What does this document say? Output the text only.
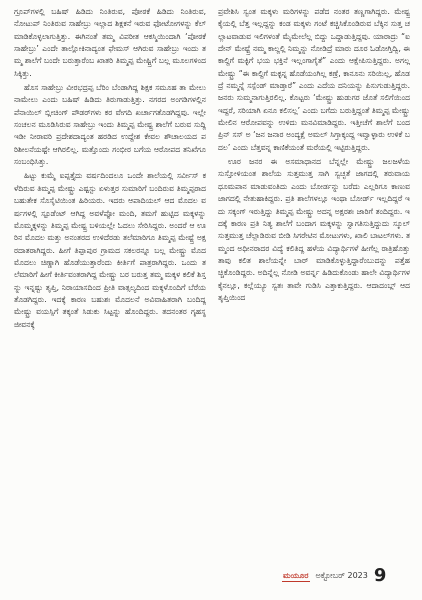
ಗ್ರೂಪ್‌ಗಳಲ್ಲಿ ಬಹಿಷ್ ಹಿಡಿದು ನಿಂತಿರುವ, ಪೋಠಕೆ ಹಿಡಿದು ನಿಂತಿರುವ, ನೋಟುಪ್ ನಿಂತಿರುವ ಸಾಹೇಬ್ರು ಇಲ್ಲಾದ ಶಿಕ್ಷಕನೆ ಇರುವ ಫೋಟೋಗಳನ್ನು ಕೆಲ್ ಮಾಡಿಕೊಳ್ಳಲಾಗುತ್ತಿತ್ತು. ಈಗಿನಂತೆ ತಮ್ಮ ವಿಪರೀತ ಆಕಸ್ಮಿಯಿಂದಾಗಿ ‘ಪೋಠಕೆ ಸಾಹೇಬ್ರು’ ಎಂದೇ ತಾಲ್ಲೋಕಿನಾದ್ಯಂತ ಫೇಮಸ್ ಆಗಿರುವ ಸಾಹೇಬ್ರು ಇಂದು ತಮ್ಮ ಶಾಲೆಗೆ ಬಂದೇ ಬರುತ್ತಾರೆಂಬ ಖಾತರಿ ತಿಮ್ಮಪ್ಪ ಮೇಷ್ಟ್ರಿಗೆ ಬಲ್ಲ ಮೂಲಗಳಿಂದ ಸಿಕ್ಕಿತ್ತು.

ಹೊಸ ಸಾಹೇಬ್ರು ವೀರಭದ್ರಪ್ಪ ಬೆರಿಂ ಬೆಂಡಾಗಿದ್ದ ಶಿಕ್ಷಕ ಸಮೂಹ ತಾ ಮೇಲು ನಾಮೇಲು ಎಂದು ಬಹಿಷ್ ಹಿಡಿದು ತಿರುಗಾಡುತ್ತಿತ್ತು. ನಗರದ ಅಂಗಡಿಗಳಲ್ಲಿನ ಪೆನಾಯಿಲ್ ಬ್ಲೀಚಿಂಗ್ ಪೌಡರ್‌ಗಳು ಕರ ವೇಗದಿ ಖರ್ಚಾಗತೊಡಗಿದ್ದವು. ಇಲ್ಲೇ ಸಂಚಲನ ಮೂಡಿಸಿರುವ ಸಾಹೇಬ್ರು ಇಂದು ತಿಮ್ಮಪ್ಪ ಮೇಷ್ಟ್ರ ಶಾಲೆಗೆ ಬರುವ ಸುದ್ದಿ ಇಡೀ ನೀರಾವರಿ ಪ್ರದೇಶದಾದ್ಯಂತ ಹರಡಿದ ಉದ್ದೇಶ ಕೇವಲ ಶೌಚಾಲಯದ ಪರಿಶೀಲನೆಯಷ್ಟೇ ಆಗಿರಲಿಲ್ಲ. ಮತ್ತೊಂದು ಗಂಭೀರ ಬಗೆಯ ಆರೋಪದ ತನಿಖೆಗೂ ಸಂಬಂಧಿಸಿತ್ತು.

ಹಿಟ್ಟು ಕುಮ್ಮೆ ಐಪ್ಪತ್ತೈದು ವರ್ಷದಿಂದಲೂ ಒಂದೇ ಶಾಲೆಯಲ್ಲಿ ಸರ್ವೀಸ್ ಕಳೆದಿರುವ ತಿಮ್ಮಪ್ಪ ಮೇಷ್ಟ್ರು ಎಷ್ಟಸ್ಟು ಏಳುತ್ತರ ಸುಮಾರಿಗೆ ಬಂದಿರುವ ತಿಮ್ಮಪ್ಪರಾದ ಬಹುತೇಕ ಸೊಸೈಟಿಯಿಂತ ಹಿರಿಯರು. ಇದರು ಆಪಾದಿಯಲ್ ಆದ ಮೊದಲ ವರ್ಷಗಳಲ್ಲಿ ಸ್ಟೂಡೆಂಟ್ ಆಗಿದ್ದ ಅವಳೆಪ್ಪೋ ಮಂದಿ, ತಮಗೆ ಹುಟ್ಟಿದ ಮಕ್ಕಳನ್ನು ಮೊಮ್ಮಕ್ಕಳನ್ನು ತಿಮ್ಮಪ್ಪ ಮೇಷ್ಟ್ರ ಬಳಿಯಲ್ಲೇ ಓದಲು ಸೇರಿಸಿದ್ದರು. ಅಂದರೆ ಆ ಊರಿನ ಮೊದಲ ಮತ್ತು ಅನಂತರದ ಉಳಿದೆರಡು ತಲೆಮಾರಿಗೂ ತಿಮ್ಮಪ್ಪ ಮೇಷ್ಟ್ರೆ ಅಕ್ಷರದಾತರಾಗಿದ್ದರು. ಹೀಗೆ ತಿಪ್ಪಾಪುರ ಗ್ರಾಮದ ಸಕಲರನ್ನೂ ಬಲ್ಲ ಮೇಷ್ಟ್ರು ಮೊದಮೊದಲು ಚಿಣ್ಣಾಗಿ ಹೊಡೆಯುತ್ತಾರೆಂದು ಕೀರ್ತಿಗೆ ಪಾತ್ರರಾಗಿದ್ದರು. ಒಂದು ತಲೆಮಾರಿಗೆ ಹೀಗೆ ಕೀರ್ತಿವಂತರಾಗಿದ್ದ ಮೇಷ್ಟ್ರು ಬರ ಬರುತ್ತ ತಮ್ಮ ಮಕ್ಕಳ ಕಲಿಕೆ ಶಿಸ್ತನ್ನು ಇನ್ನಷ್ಟು ತೃಪ್ತಿ, ನಿರಾಯಾಸದಿಂದ ಪ್ರೀತಿ ವಾತ್ಸಲ್ಯದಿಂದ ಮಕ್ಕಳೊಂದಿಗೆ ಬೆರೆಯತೊಡಗಿದ್ದರು. ಇದಕ್ಕೆ ಕಾರಣ ಬಹುಶಃ ಮೊದಲನೆ ಅವಿವಾಹಿತರಾಗಿ ಬಂದಿದ್ದ ಮೇಷ್ಟ್ರು ವಯಸ್ಸಿಗೆ ತಕ್ಕಂತೆ ಸಿಡುಕು ಸಿಟ್ಟನ್ನು ಹೊಂದಿದ್ದರು. ತದನಂತರ ಗೃಹಸ್ಥ ಜೀವನಕ್ಕೆ

ಪ್ರವೇಶಿಸಿ ಸ್ವಂತ ಮಕ್ಕಳು ಮರಿಗಳನ್ನು ಪಡೆದ ನಂತರ ತಣ್ಣಗಾಗಿದ್ದರು. ಮೇಷ್ಟ್ರ ಕೈಯಲ್ಲಿ ಬೆತ್ತ ಇಲ್ಲದ್ದನ್ನು ಕಂಡ ಮಕ್ಕಳು ಗಂಟೆ ಕಚ್ಚಿಸಿಕೊಂಡಿರುವ ಬೆಕ್ಕಿನ ಸುತ್ತ ಚಲ್ಲಾಟವಾಡುವ ಇಲಿಗಳಂತೆ ಮೈಮೇಲೆಲ್ಲ ಬಿದ್ದು ಒದ್ದಾಡುತ್ತಿದ್ದವು. ಯಾರಾದ್ರು “ಐದೇನ್ ಮೇಷ್ಟ್ರೆ ನಮ್ಮ ಕಾಲ್ದಲ್ಲಿ ನಿಮ್ಮನ್ನು ನೋಡಿದ್ರೆ ಮಾರು ದೂರ ಓಡೋಗ್ತಿದ್ವಿ, ಈ ಕಾಲ್ದಿಗೆ ಮಕ್ಳಿಗೆ ಭಯ ಭಕ್ತಿನೆ ಇಲ್ಲಂಗಾಗೈತೆ” ಎಂದು ಆಕ್ಷೇಪಿಸುತ್ತಿದ್ದರು. ಅಗಲ್ಲ ಮೇಷ್ಟ್ರು “ಈ ಕಾಲ್ದಿಗೆ ಮಕ್ಳನ್ನ ಹೊಡೆಯಂಗಿಲ್ಲ ಕಣ್ರೆ, ಕಾನೂನು ಸರಿಯಿಲ್ಲ, ಹೊಡದ್ರೆ ನಮ್ಮನ್ನೆ ಸಸ್ಪೆಂಡ್ ಮಾಡ್ತಾರೆ” ಎಂದು ಎದೆಯ ದನಿಯನ್ನು ಪಿಸುಗುಡುತ್ತಿದ್ದರು. ಜನರು ಸುಮ್ಮನಾಗುತ್ತಿರಲಿಲ್ಲ. ಕೊಟ್ಟರು ‘ಮೇಷ್ಟ್ರು ಹುಡುಗರ ಜೊತೆ ಸಲಿಗೆಯಿಂದ ಇದ್ದರೆ, ಸರಿಯಾಗಿ ಏನೂ ಕಲಿಸಲ್ಲ’ ಎಂದು ಬಗೆದು ಬರುತ್ತಿದ್ದಂತೆ ತಿಮ್ಮಪ್ಪ ಮೇಷ್ಟ್ರು ಮೇಲಿನ ಆರೋಪವನ್ನು ಉಳಿದು ಮನವಿಮಾಡಿದ್ದರು. ಇತ್ತೀಚೆಗೆ ಶಾಲೆಗೆ ಬಂದ ಪ್ರಿನ್ ಸಸ್ ಅ ‘ಜನ ಜನಾರ ಅಂದ್ಯಕ್ಷೆ ಅಮಲ್ ಸಿಗ್ತಾಕ್ಕಂದ್ದ ಇವ್ವಾಳ್ಳಾರು ಉಳಿಕೆ ಬದಲ’ ಎಂದು ಬೆತ್ತವನ್ನ ಕಾಣಿಕೆಯಂತೆ ಮರೆಯಲ್ಲಿ ಇಟ್ಟಿರುತ್ತಿದ್ದರು.

ಊರ ಜನರ ಈ ಅಸಮಾಧಾನದ ಬೆನ್ನಲ್ಲೇ ಮೇಷ್ಟ್ರು ಜಲಜಳೆಯ ಸುಸ್ತೋಳಿಯಂತ ಶಾಲೆಯ ಸುತ್ತಮುತ್ತ ಸಾಗಿ ಸ್ವಚ್ಛತೆ ಜಾಗದಲ್ಲಿ ತರುವಾಯ ಧೂಮಪಾನ ಮಾಡುವಂತಿದು ಎಂದು ಬೋರ್ಡನ್ನು ಬರೆದು ಎಲ್ಲರಿಗೂ ಕಾಣುವ ಜಾಗದಲ್ಲಿ ನೇತುಹಾಕಿದ್ದರು. ಪ್ರತಿ ಶಾಲೆಗಳಲ್ಲೂ ಇಂಥಾ ಬೋರ್ಡ್ ಇಲ್ಲದಿದ್ದರೆ ಇದು ಸಕ್ಕಂಗ್ ಇರುತ್ತಿದ್ದು ತಿಮ್ಮಪ್ಪ ಮೇಷ್ಟ್ರು ಅದನ್ನ ಅಕ್ಷರಶಃ ಜಾರಿಗೆ ತಂದಿದ್ದರು. ಇದಕ್ಕೆ ಕಾರಣ ಪ್ರತಿ ನಿತ್ಯ ಶಾಲೆಗೆ ಬಂದಾಗ ಮಕ್ಕಳನ್ನು ಸ್ವಾಗತಿಸುತ್ತಿದ್ದುದು ಸ್ಕೂಲ್ ಸುತ್ತಮುತ್ತ ಚೆಲ್ಲಾಡಿರುವ ಬೀಡಿ ಸಿಗರೇಟಿನ ಮೋಟುಗಳು, ಖಾಲಿ ಬಾಟಲ್‌ಗಳು. ತಮ್ಮಂದ ಅಧೀನರಾದರ ವಿದ್ಯೆ ಕಲಿತಿದ್ದ ಹಳೆಯ ವಿದ್ಯಾರ್ಥಿಗಳೆ ಹೀಗೆಲ್ಲ ರಾತ್ರಿಹೊತ್ತು ತಾವು ಕಲಿತ ಶಾಲೆಯನ್ನೇ ಬಾರ್ ಮಾಡಿಕೊಳ್ಳುತ್ತಿದ್ದಾರೆಂಬುದನ್ನು ಪತ್ತೆಹಚ್ಚಿಕೊಂಡಿದ್ದರು. ಅದಿನ್ನೆಲ್ಲ ನೋಡಿ ಅವರ್ನ್ನ ಹಿಡಿದುಕೊಂಡು ಹಾಲೇ ವಿದ್ಯಾರ್ಥಿಗಳ ಕೈನಲ್ಲೂ, ಕಲ್ಲೆಯ್ಯೂ ಸ್ವತಃ ತಾವೇ ಗುಡಿಸಿ ಎತ್ತಾಕುತ್ತಿದ್ದರು. ಆದಾದಂಬ್ಲ್ ಆದ ತೃಪ್ತಿಯಿಂದ

ಮಯೂರ ಅಕ್ಟೋಬರ್ 2023 9
